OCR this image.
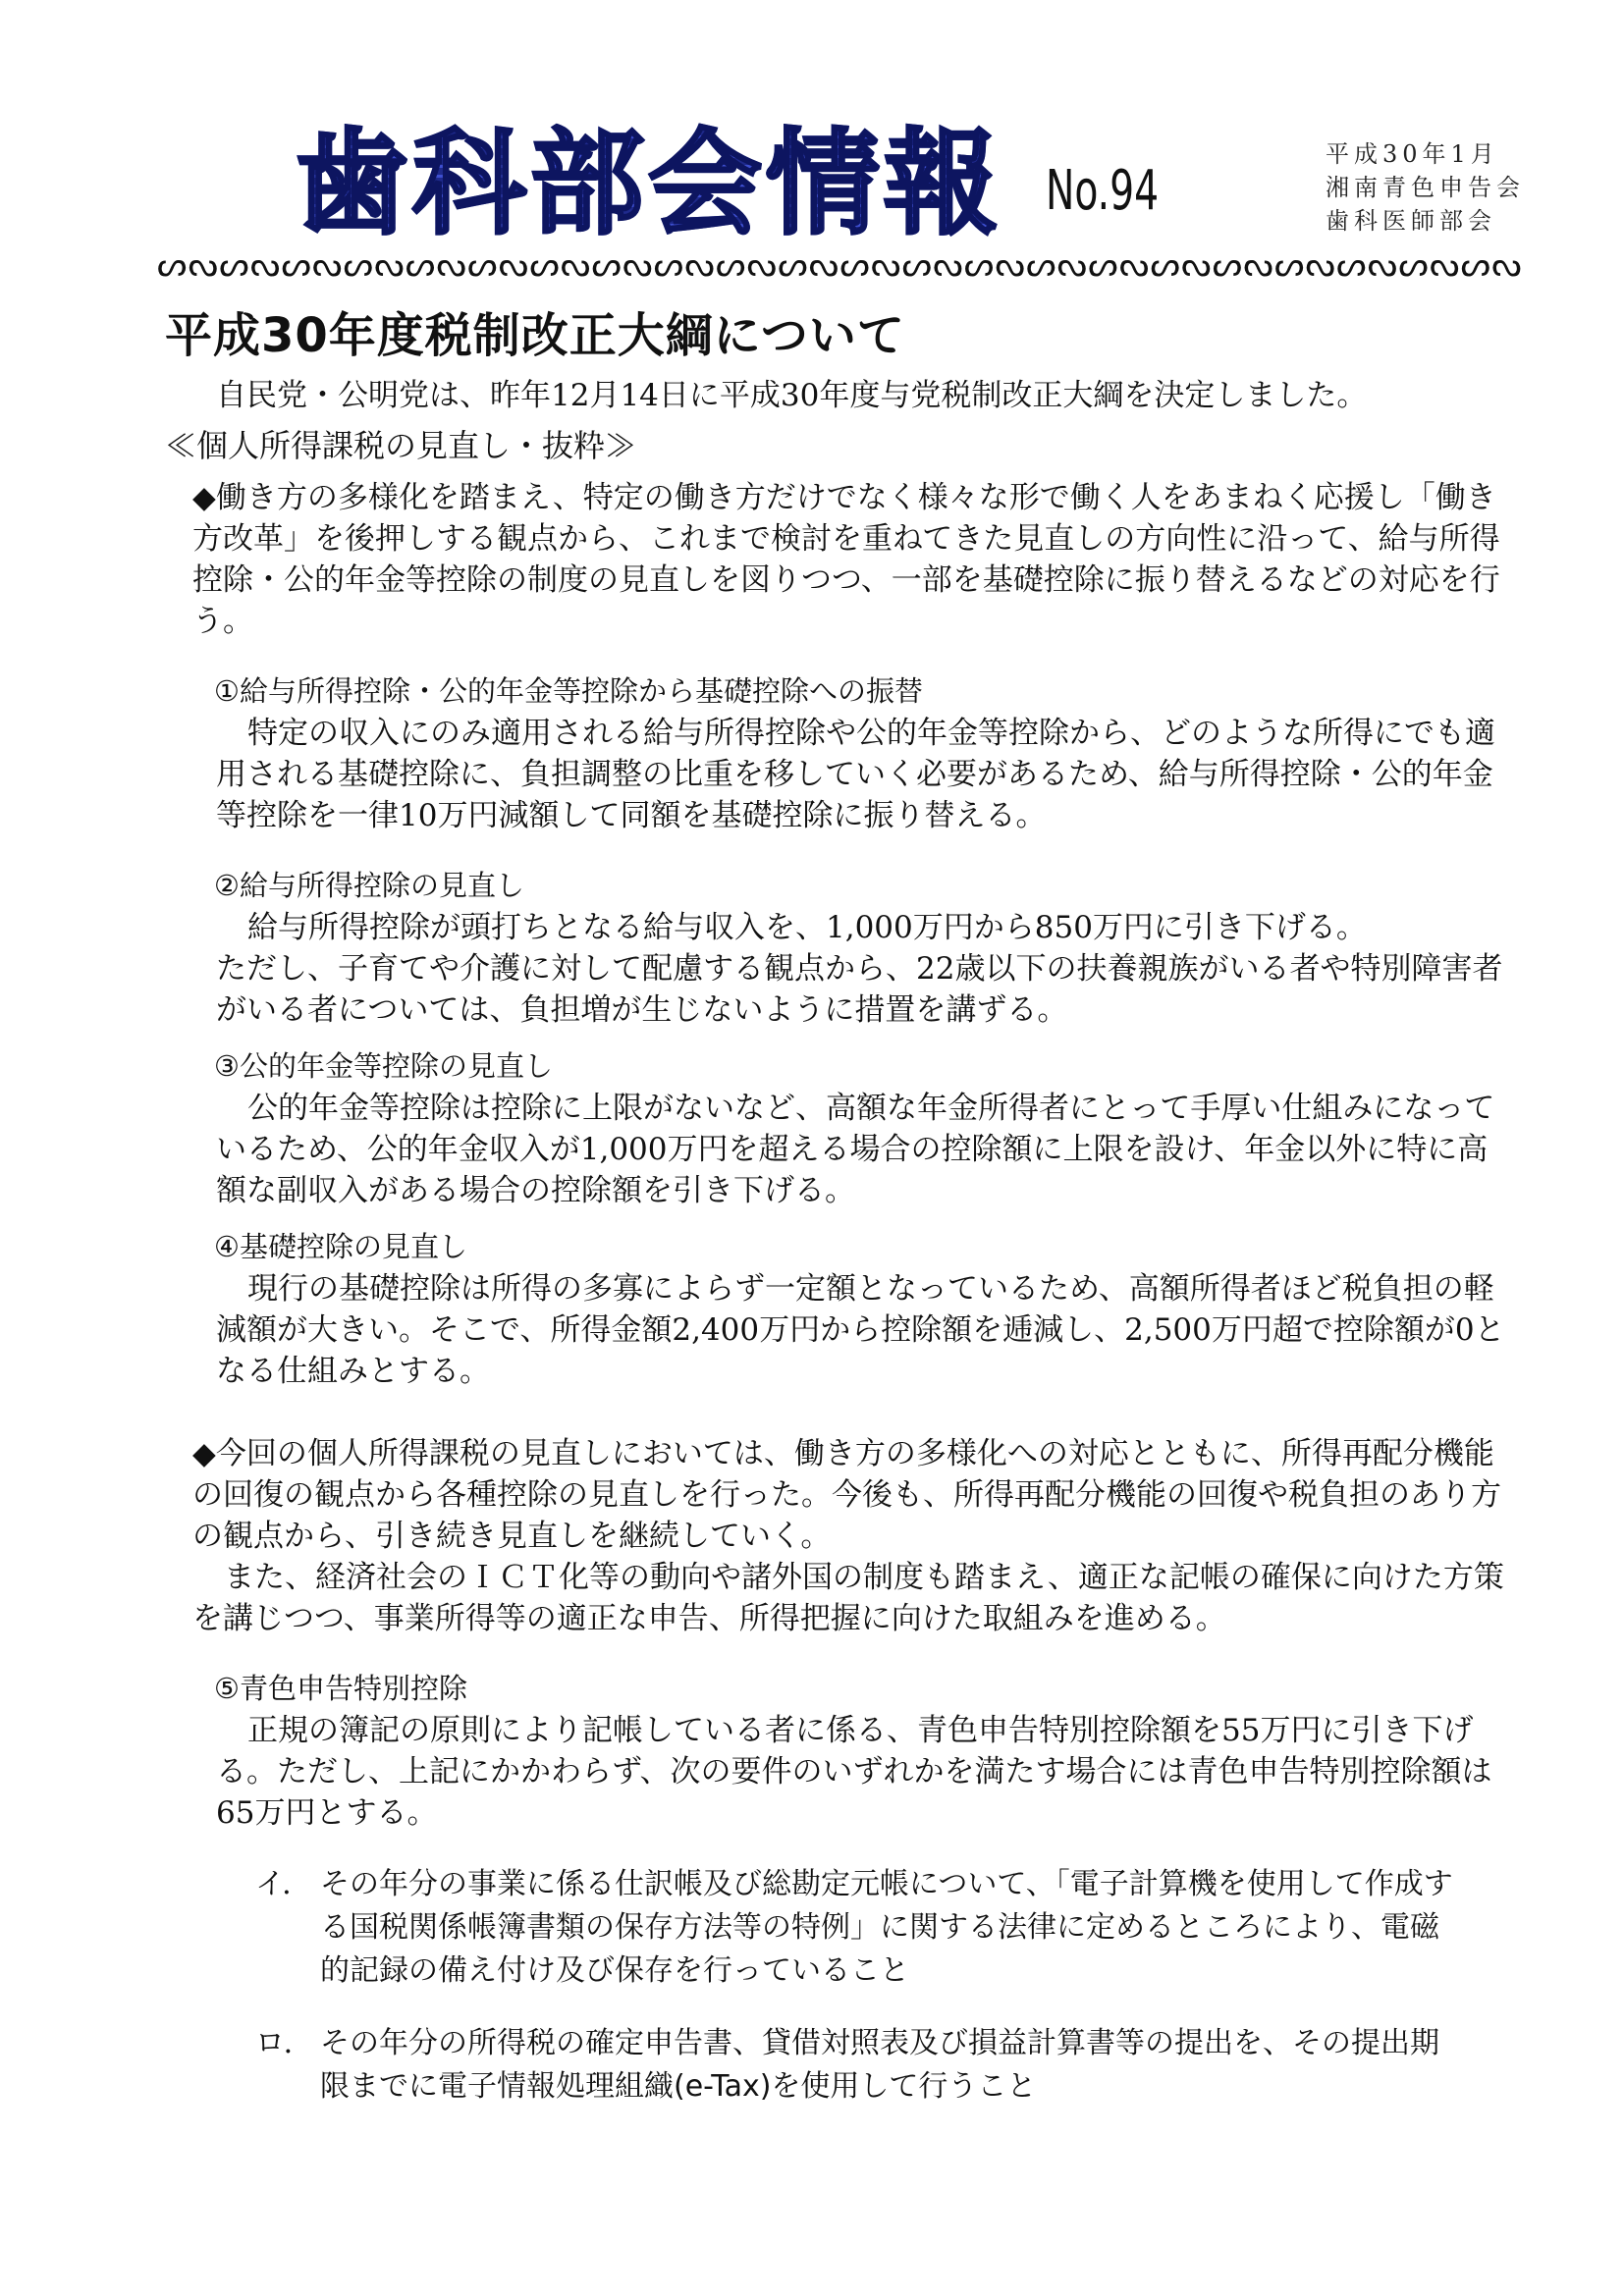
歯科部会情報 No.94
平成30年1月
湘南青色申告会
歯科医師部会
ᔕ ᔓ ᔕ ᔓ ᔕ ᔓ ᔕ ᔓ ᔕ ᔓ ᔕ ᔓ ᔕ ᔓ ᔕ ᔓ ᔕ ᔓ ᔕ ᔓ ᔕ ᔓ ᔕ ᔓ ᔕ ᔓ ᔕ ᔓ ᔕ ᔓ ᔕ ᔓ ᔕ ᔓ ᔕ ᔓ ᔕ ᔓ ᔕ ᔓ ᔕ ᔓ ᔕ ᔓ
平成30年度税制改正大綱について

自民党・公明党は、昨年12月14日に平成30年度与党税制改正大綱を決定しました。

≪個人所得課税の見直し・抜粋≫

◆働き方の多様化を踏まえ、特定の働き方だけでなく様々な形で働く人をあまねく応援し「働き方改革」を後押しする観点から、これまで検討を重ねてきた見直しの方向性に沿って、給与所得控除・公的年金等控除の制度の見直しを図りつつ、一部を基礎控除に振り替えるなどの対応を行う。

①給与所得控除・公的年金等控除から基礎控除への振替

特定の収入にのみ適用される給与所得控除や公的年金等控除から、どのような所得にでも適用される基礎控除に、負担調整の比重を移していく必要があるため、給与所得控除・公的年金等控除を一律10万円減額して同額を基礎控除に振り替える。

②給与所得控除の見直し

給与所得控除が頭打ちとなる給与収入を、1,000万円から850万円に引き下げる。

ただし、子育てや介護に対して配慮する観点から、22歳以下の扶養親族がいる者や特別障害者がいる者については、負担増が生じないように措置を講ずる。

③公的年金等控除の見直し

公的年金等控除は控除に上限がないなど、高額な年金所得者にとって手厚い仕組みになっているため、公的年金収入が1,000万円を超える場合の控除額に上限を設け、年金以外に特に高額な副収入がある場合の控除額を引き下げる。

④基礎控除の見直し

現行の基礎控除は所得の多寡によらず一定額となっているため、高額所得者ほど税負担の軽減額が大きい。そこで、所得金額2,400万円から控除額を逓減し、2,500万円超で控除額が0となる仕組みとする。

◆今回の個人所得課税の見直しにおいては、働き方の多様化への対応とともに、所得再配分機能の回復の観点から各種控除の見直しを行った。今後も、所得再配分機能の回復や税負担のあり方の観点から、引き続き見直しを継続していく。

また、経済社会のＩＣＴ化等の動向や諸外国の制度も踏まえ、適正な記帳の確保に向けた方策を講じつつ、事業所得等の適正な申告、所得把握に向けた取組みを進める。

⑤青色申告特別控除

正規の簿記の原則により記帳している者に係る、青色申告特別控除額を55万円に引き下げる。ただし、上記にかかわらず、次の要件のいずれかを満たす場合には青色申告特別控除額は65万円とする。

イ． その年分の事業に係る仕訳帳及び総勘定元帳について、「電子計算機を使用して作成する国税関係帳簿書類の保存方法等の特例」に関する法律に定めるところにより、電磁的記録の備え付け及び保存を行っていること
ロ． その年分の所得税の確定申告書、貸借対照表及び損益計算書等の提出を、その提出期限までに電子情報処理組織(e-Tax)を使用して行うこと
